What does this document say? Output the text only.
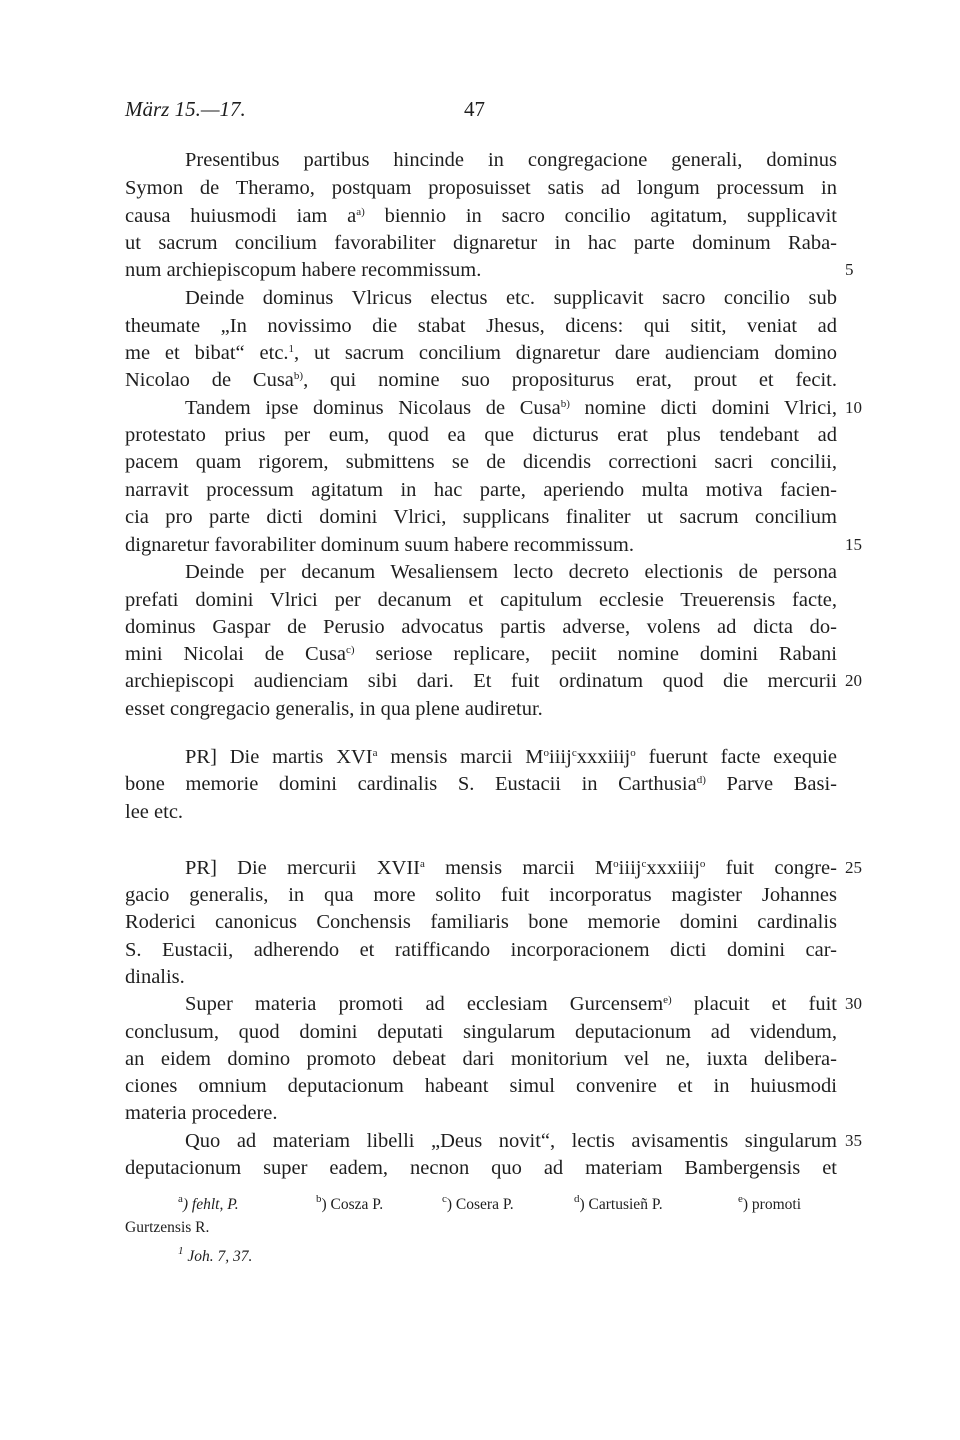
März 15.—17.	47
Presentibus partibus hincinde in congregacione generali, dominus
Symon de Theramo, postquam proposuisset satis ad longum processum in
causa huiusmodi iam $a^{a)}$ biennio in sacro concilio agitatum, supplicavit
ut sacrum concilium favorabiliter dignaretur in hac parte dominum Raba-
num archiepiscopum habere recommissum.	5
Deinde dominus Vlricus electus etc. supplicavit sacro concilio sub
theumate „In novissimo die stabat Jhesus, dicens: qui sitit, veniat ad
me et bibat“ etc.$^1$, ut sacrum concilium dignaretur dare audienciam domino
Nicolao de Cusa$^{b)}$, qui nomine suo propositurus erat, prout et fecit.
Tandem ipse dominus Nicolaus de Cusa$^{b)}$ nomine dicti domini Vlrici, 10
protestato prius per eum, quod ea que dicturus erat plus tendebant ad
pacem quam rigorem, submittens se de dicendis correctioni sacri concilii,
narravit processum agitatum in hac parte, aperiendo multa motiva facien-
cia pro parte dicti domini Vlrici, supplicans finaliter ut sacrum concilium
dignaretur favorabiliter dominum suum habere recommissum.	15
Deinde per decanum Wesaliensem lecto decreto electionis de persona
prefati domini Vlrici per decanum et capitulum ecclesie Treuerensis facte,
dominus Gaspar de Perusio advocatus partis adverse, volens ad dicta do-
mini Nicolai de Cusa$^{c)}$ seriose replicare, peciit nomine domini Rabani
archiepiscopi audienciam sibi dari. Et fuit ordinatum quod die mercurii 20
esset congregacio generalis, in qua plene audiretur.
PR] Die martis XVI$^a$ mensis marcii $M^oiiij^cxxxiiij^o$ fuerunt facte exequie
bone memorie domini cardinalis S. Eustacii in Carthusia$^{d)}$ Parve Basi-
lee etc.
PR] Die mercurii XVII$^a$ mensis marcii $M^oiiij^cxxxiiij^o$ fuit congre- 25
gacio generalis, in qua more solito fuit incorporatus magister Johannes
Roderici canonicus Conchensis familiaris bone memorie domini cardinalis
S. Eustacii, adherendo et ratifficando incorporacionem dicti domini car-
dinalis.
Super materia promoti ad ecclesiam Gurcensem$^{e)}$ placuit et fuit 30
conclusum, quod domini deputati singularum deputacionum ad videndum,
an eidem domino promoto debeat dari monitorium vel ne, iuxta delibera-
ciones omnium deputacionum habeant simul convenire et in huiusmodi
materia procedere.
Quo ad materiam libelli „Deus novit“, lectis avisamentis singularum 35
deputacionum super eadem, necnon quo ad materiam Bambergensis et
$^a$) fehlt, P.	$^b$) Cosza P.	$^c$) Cosera P.	$^d$) Cartusieñ P.	$^e$) promoti
Gurtzensis R.
$^1$ Joh. 7, 37.
